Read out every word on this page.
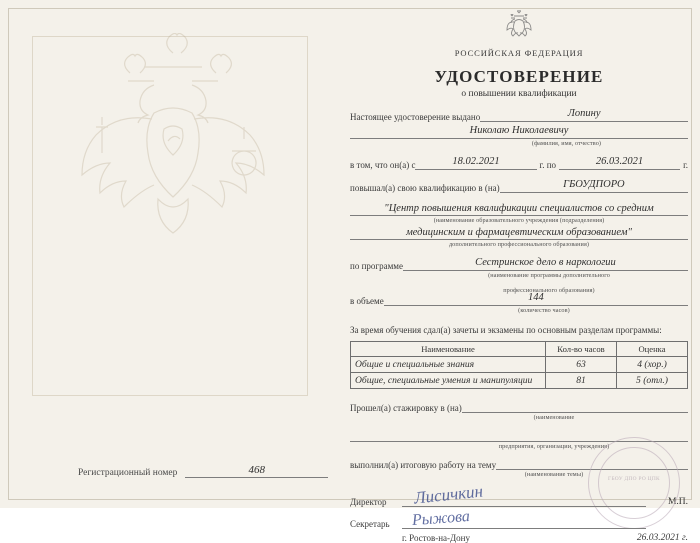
Регистрационный номер	468
РОССИЙСКАЯ ФЕДЕРАЦИЯ
УДОСТОВЕРЕНИЕ
о повышении квалификации
Настоящее удостоверение выдано	Лопину
Николаю Николаевичу
(фамилия, имя, отчество)
в том, что он(а) с	18.02.2021	г. по	26.03.2021	г.
повышал(а) свою квалификацию в (на)	ГБОУДПОРО
"Центр повышения квалификации специалистов со средним
(наименование образовательного учреждения (подразделения)
медицинским и фармацевтическим образованием"
дополнительного профессионального образования)
по программе	Сестринское дело в наркологии
(наименование программы дополнительного
профессионального образования)
в объеме	144
(количество часов)
За время обучения сдал(а) зачеты и экзамены по основным разделам программы:
Наименование	Кол-во часов	Оценка
Общие и специальные знания	63	4 (хор.)
Общие, специальные умения и манипуляции	81	5 (отл.)
Прошел(а) стажировку в (на)
(наименование
предприятия, организации, учреждения)
выполнил(а) итоговую работу на тему
(наименование темы)
ГБОУ ДПО РО ЦПК
Директор	Лисичкин	М.П.
Секретарь	Рыжова
г. Ростов-на-Дону	26.03.2021 г.
